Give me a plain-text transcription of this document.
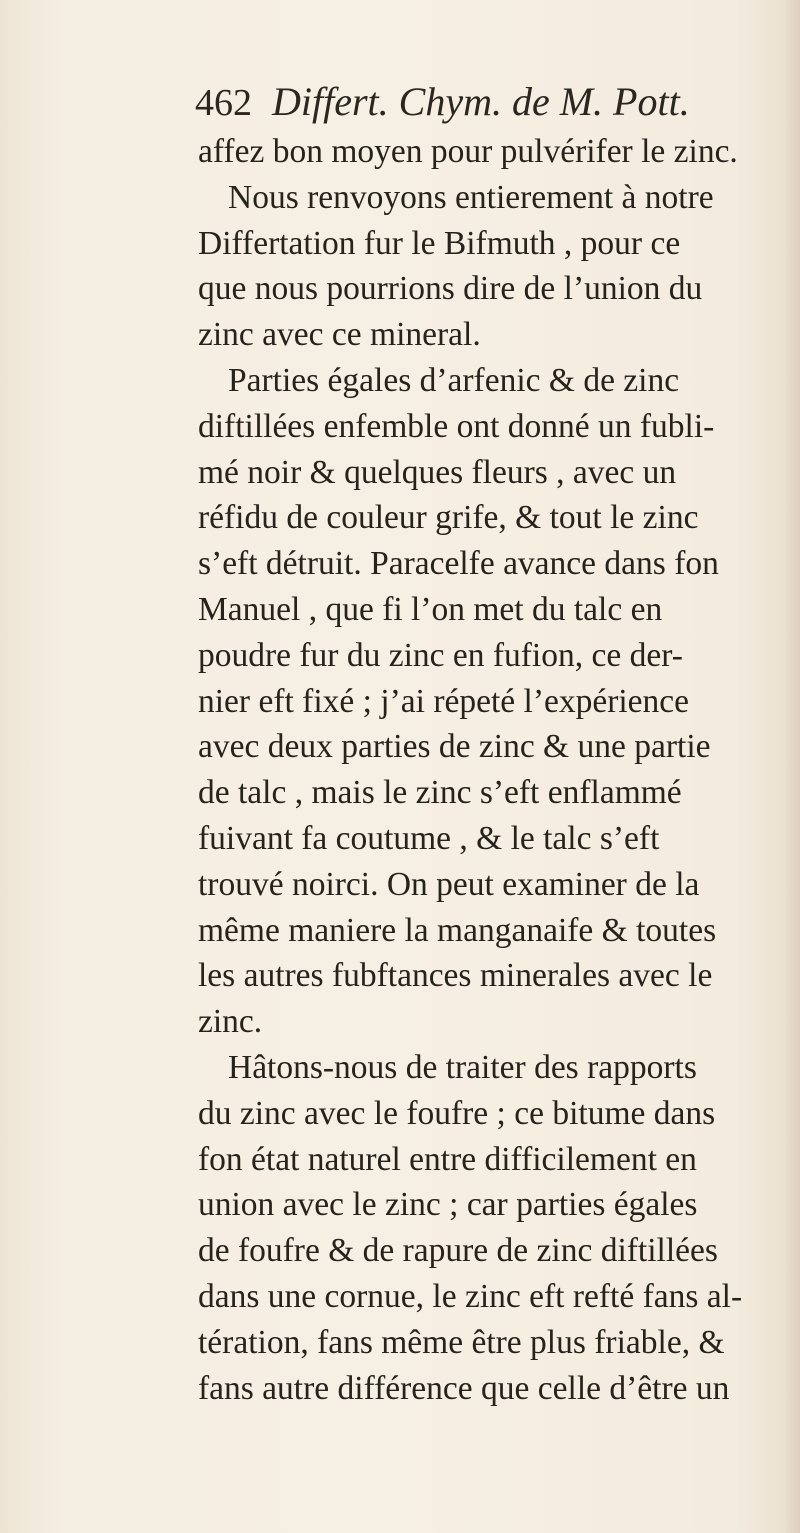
462 Differt. Chym. de M. Pott.
affez bon moyen pour pulvérifer le zinc.
Nous renvoyons entierement à notre
Differtation fur le Bifmuth , pour ce
que nous pourrions dire de l’union du
zinc avec ce mineral.
Parties égales d’arfenic & de zinc
diftillées enfemble ont donné un fubli-
mé noir & quelques fleurs , avec un
réfidu de couleur grife, & tout le zinc
s’eft détruit. Paracelfe avance dans fon
Manuel , que fi l’on met du talc en
poudre fur du zinc en fufion, ce der-
nier eft fixé ; j’ai répeté l’expérience
avec deux parties de zinc & une partie
de talc , mais le zinc s’eft enflammé
fuivant fa coutume , & le talc s’eft
trouvé noirci. On peut examiner de la
même maniere la manganaife & toutes
les autres fubftances minerales avec le
zinc.
Hâtons-nous de traiter des rapports
du zinc avec le foufre ; ce bitume dans
fon état naturel entre difficilement en
union avec le zinc ; car parties égales
de foufre & de rapure de zinc diftillées
dans une cornue, le zinc eft refté fans al-
tération, fans même être plus friable, &
fans autre différence que celle d’être un
